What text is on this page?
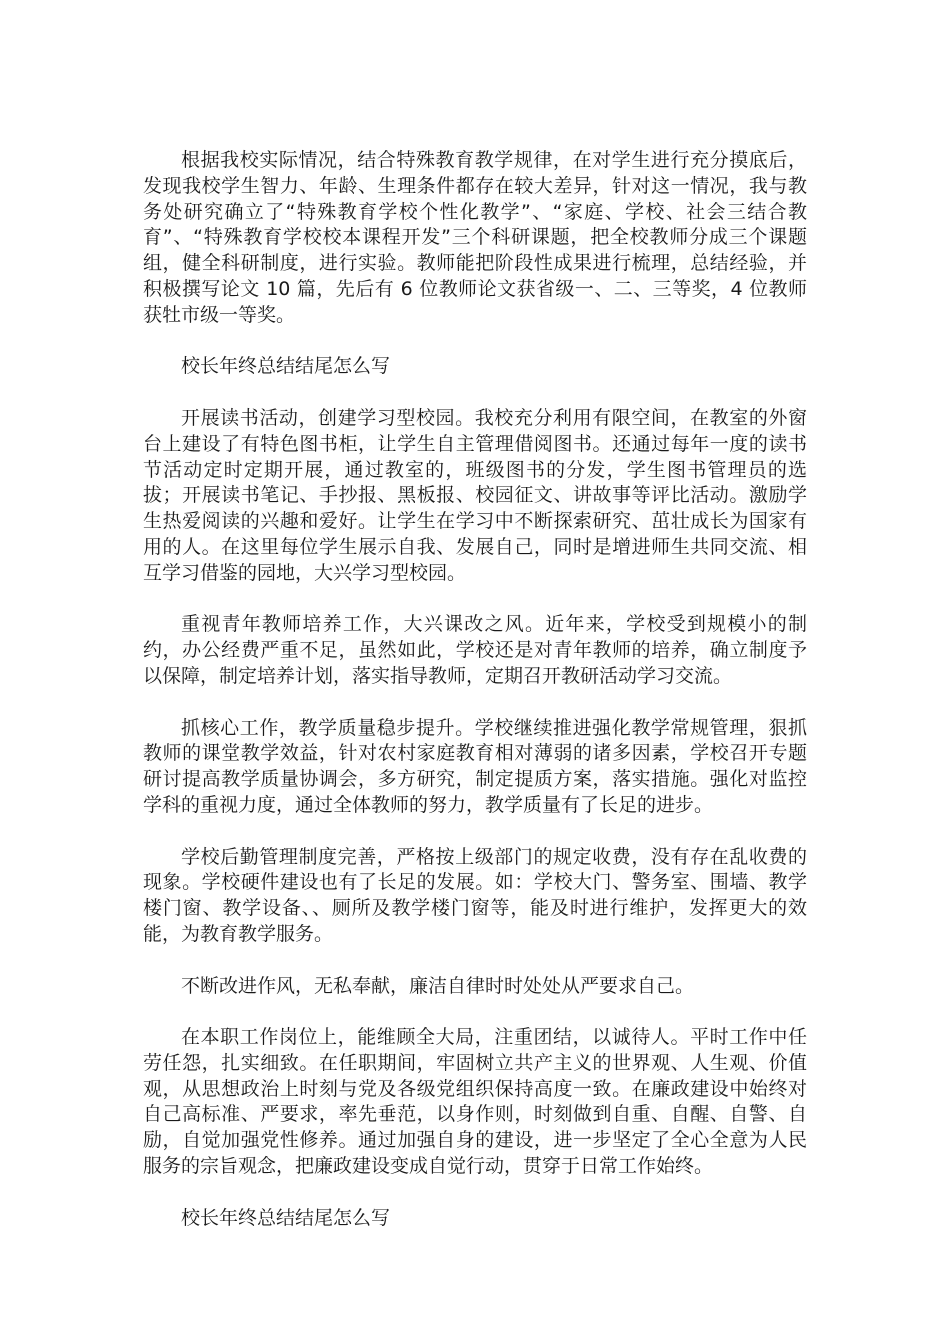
根据我校实际情况，结合特殊教育教学规律，在对学生进行充分摸底后，发现我校学生智力、年龄、生理条件都存在较大差异，针对这一情况，我与教务处研究确立了“特殊教育学校个性化教学”、“家庭、学校、社会三结合教育”、“特殊教育学校校本课程开发”三个科研课题，把全校教师分成三个课题组，健全科研制度，进行实验。教师能把阶段性成果进行梳理，总结经验，并积极撰写论文 10 篇，先后有 6 位教师论文获省级一、二、三等奖，4 位教师获牡市级一等奖。

校长年终总结结尾怎么写

开展读书活动，创建学习型校园。我校充分利用有限空间，在教室的外窗台上建设了有特色图书柜，让学生自主管理借阅图书。还通过每年一度的读书节活动定时定期开展，通过教室的，班级图书的分发，学生图书管理员的选拔；开展读书笔记、手抄报、黑板报、校园征文、讲故事等评比活动。激励学生热爱阅读的兴趣和爱好。让学生在学习中不断探索研究、茁壮成长为国家有用的人。在这里每位学生展示自我、发展自己，同时是增进师生共同交流、相互学习借鉴的园地，大兴学习型校园。

重视青年教师培养工作，大兴课改之风。近年来，学校受到规模小的制约，办公经费严重不足，虽然如此，学校还是对青年教师的培养，确立制度予以保障，制定培养计划，落实指导教师，定期召开教研活动学习交流。

抓核心工作，教学质量稳步提升。学校继续推进强化教学常规管理，狠抓教师的课堂教学效益，针对农村家庭教育相对薄弱的诸多因素，学校召开专题研讨提高教学质量协调会，多方研究，制定提质方案，落实措施。强化对监控学科的重视力度，通过全体教师的努力，教学质量有了长足的进步。

学校后勤管理制度完善，严格按上级部门的规定收费，没有存在乱收费的现象。学校硬件建设也有了长足的发展。如：学校大门、警务室、围墙、教学楼门窗、教学设备、、厕所及教学楼门窗等，能及时进行维护，发挥更大的效能，为教育教学服务。

不断改进作风，无私奉献，廉洁自律时时处处从严要求自己。

在本职工作岗位上，能维顾全大局，注重团结，以诚待人。平时工作中任劳任怨，扎实细致。在任职期间，牢固树立共产主义的世界观、人生观、价值观，从思想政治上时刻与党及各级党组织保持高度一致。在廉政建设中始终对自己高标准、严要求，率先垂范，以身作则，时刻做到自重、自醒、自警、自励，自觉加强党性修养。通过加强自身的建设，进一步坚定了全心全意为人民服务的宗旨观念，把廉政建设变成自觉行动，贯穿于日常工作始终。

校长年终总结结尾怎么写
